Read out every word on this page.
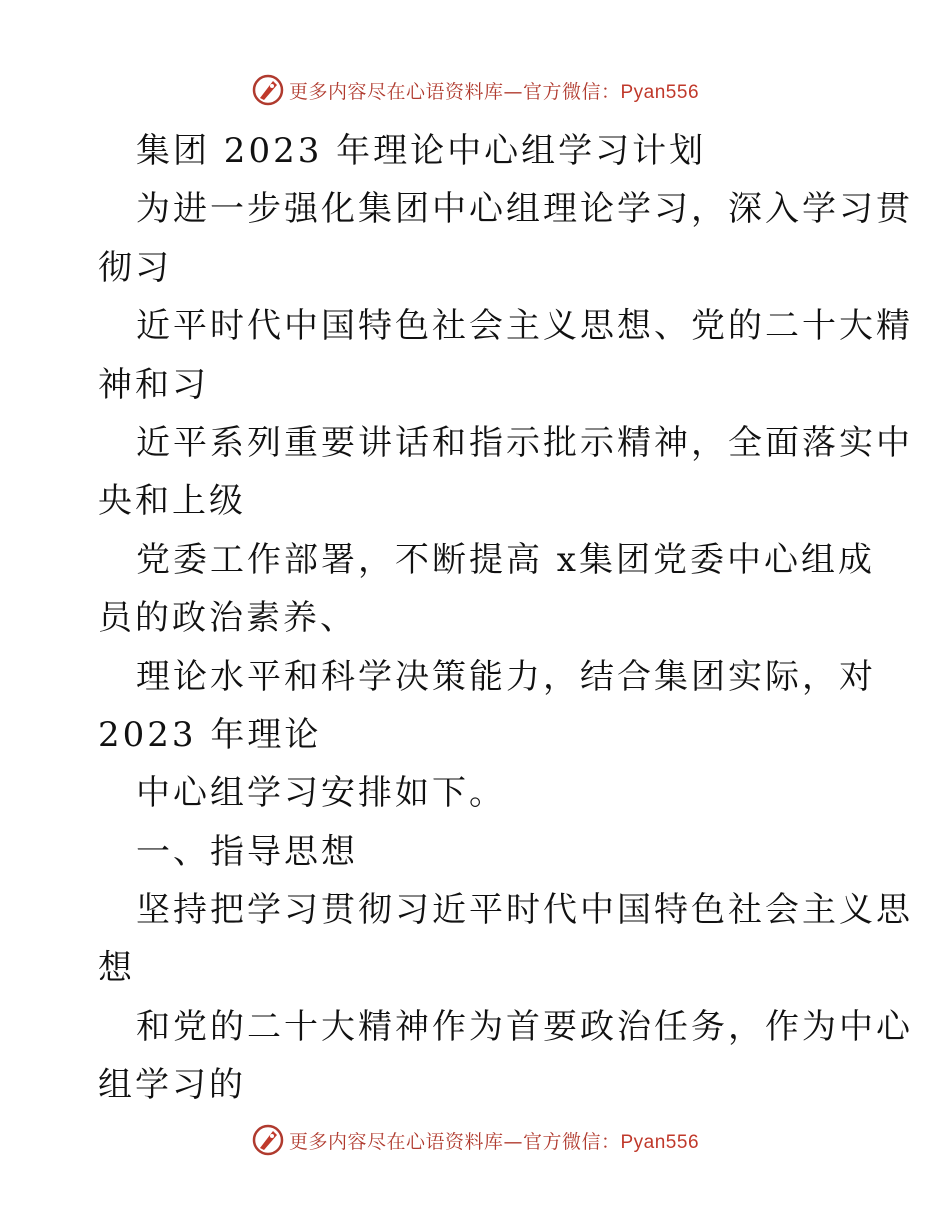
更多内容尽在心语资料库—官方微信：Pyan556
集团 2023 年理论中心组学习计划
为进一步强化集团中心组理论学习，深入学习贯
彻习
近平时代中国特色社会主义思想、党的二十大精
神和习
近平系列重要讲话和指示批示精神，全面落实中
央和上级
党委工作部署，不断提高 x集团党委中心组成
员的政治素养、
理论水平和科学决策能力，结合集团实际，对
2023 年理论
中心组学习安排如下。
一、指导思想
坚持把学习贯彻习近平时代中国特色社会主义思
想
和党的二十大精神作为首要政治任务，作为中心
组学习的
更多内容尽在心语资料库—官方微信：Pyan556
